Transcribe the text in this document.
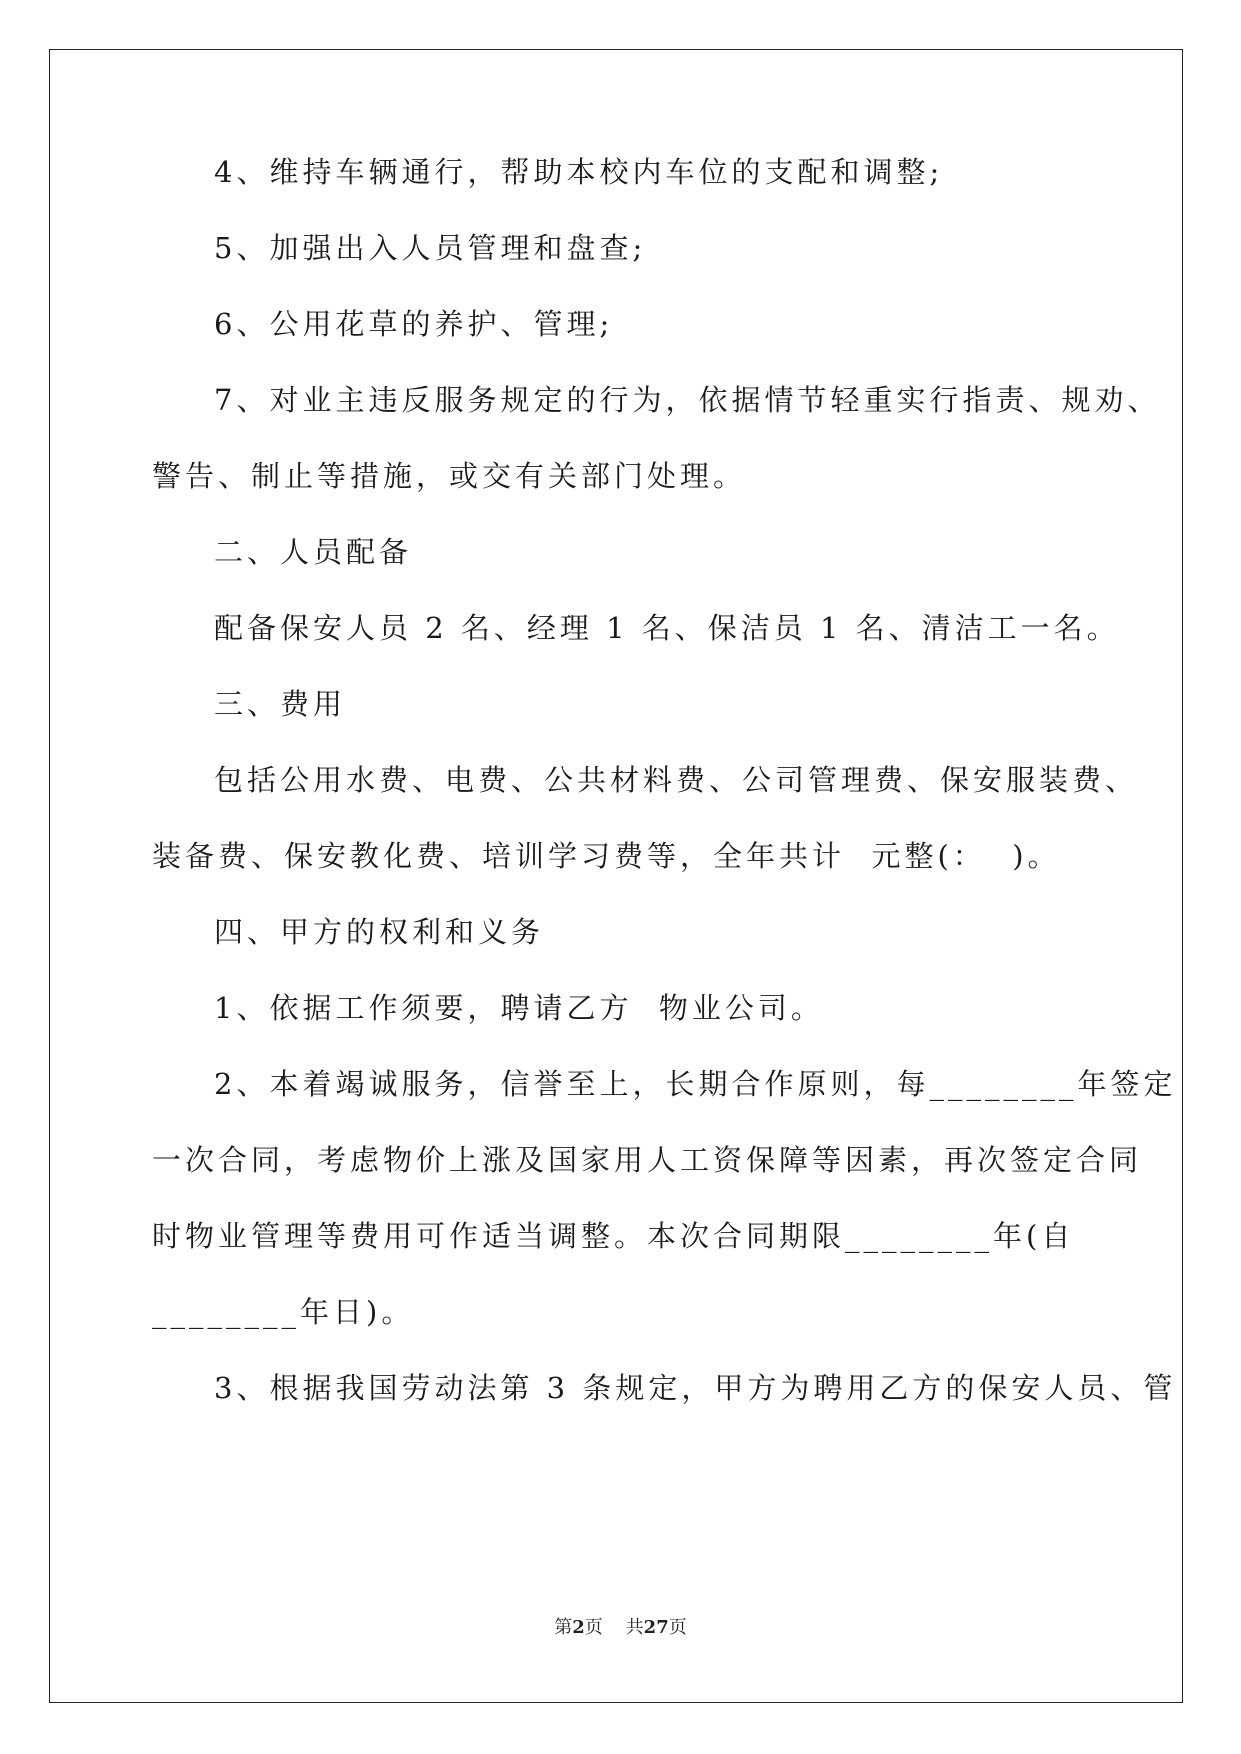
4、维持车辆通行，帮助本校内车位的支配和调整;
5、加强出入人员管理和盘查;
6、公用花草的养护、管理;
7、对业主违反服务规定的行为，依据情节轻重实行指责、规劝、
警告、制止等措施，或交有关部门处理。
二、人员配备
配备保安人员 2 名、经理 1 名、保洁员 1 名、清洁工一名。
三、费用
包括公用水费、电费、公共材料费、公司管理费、保安服装费、
装备费、保安教化费、培训学习费等，全年共计  元整(：  )。
四、甲方的权利和义务
1、依据工作须要，聘请乙方  物业公司。
2、本着竭诚服务，信誉至上，长期合作原则，每________年签定
一次合同，考虑物价上涨及国家用人工资保障等因素，再次签定合同
时物业管理等费用可作适当调整。本次合同期限________年(自
________年日)。
3、根据我国劳动法第 3 条规定，甲方为聘用乙方的保安人员、管
第2页 共27页
